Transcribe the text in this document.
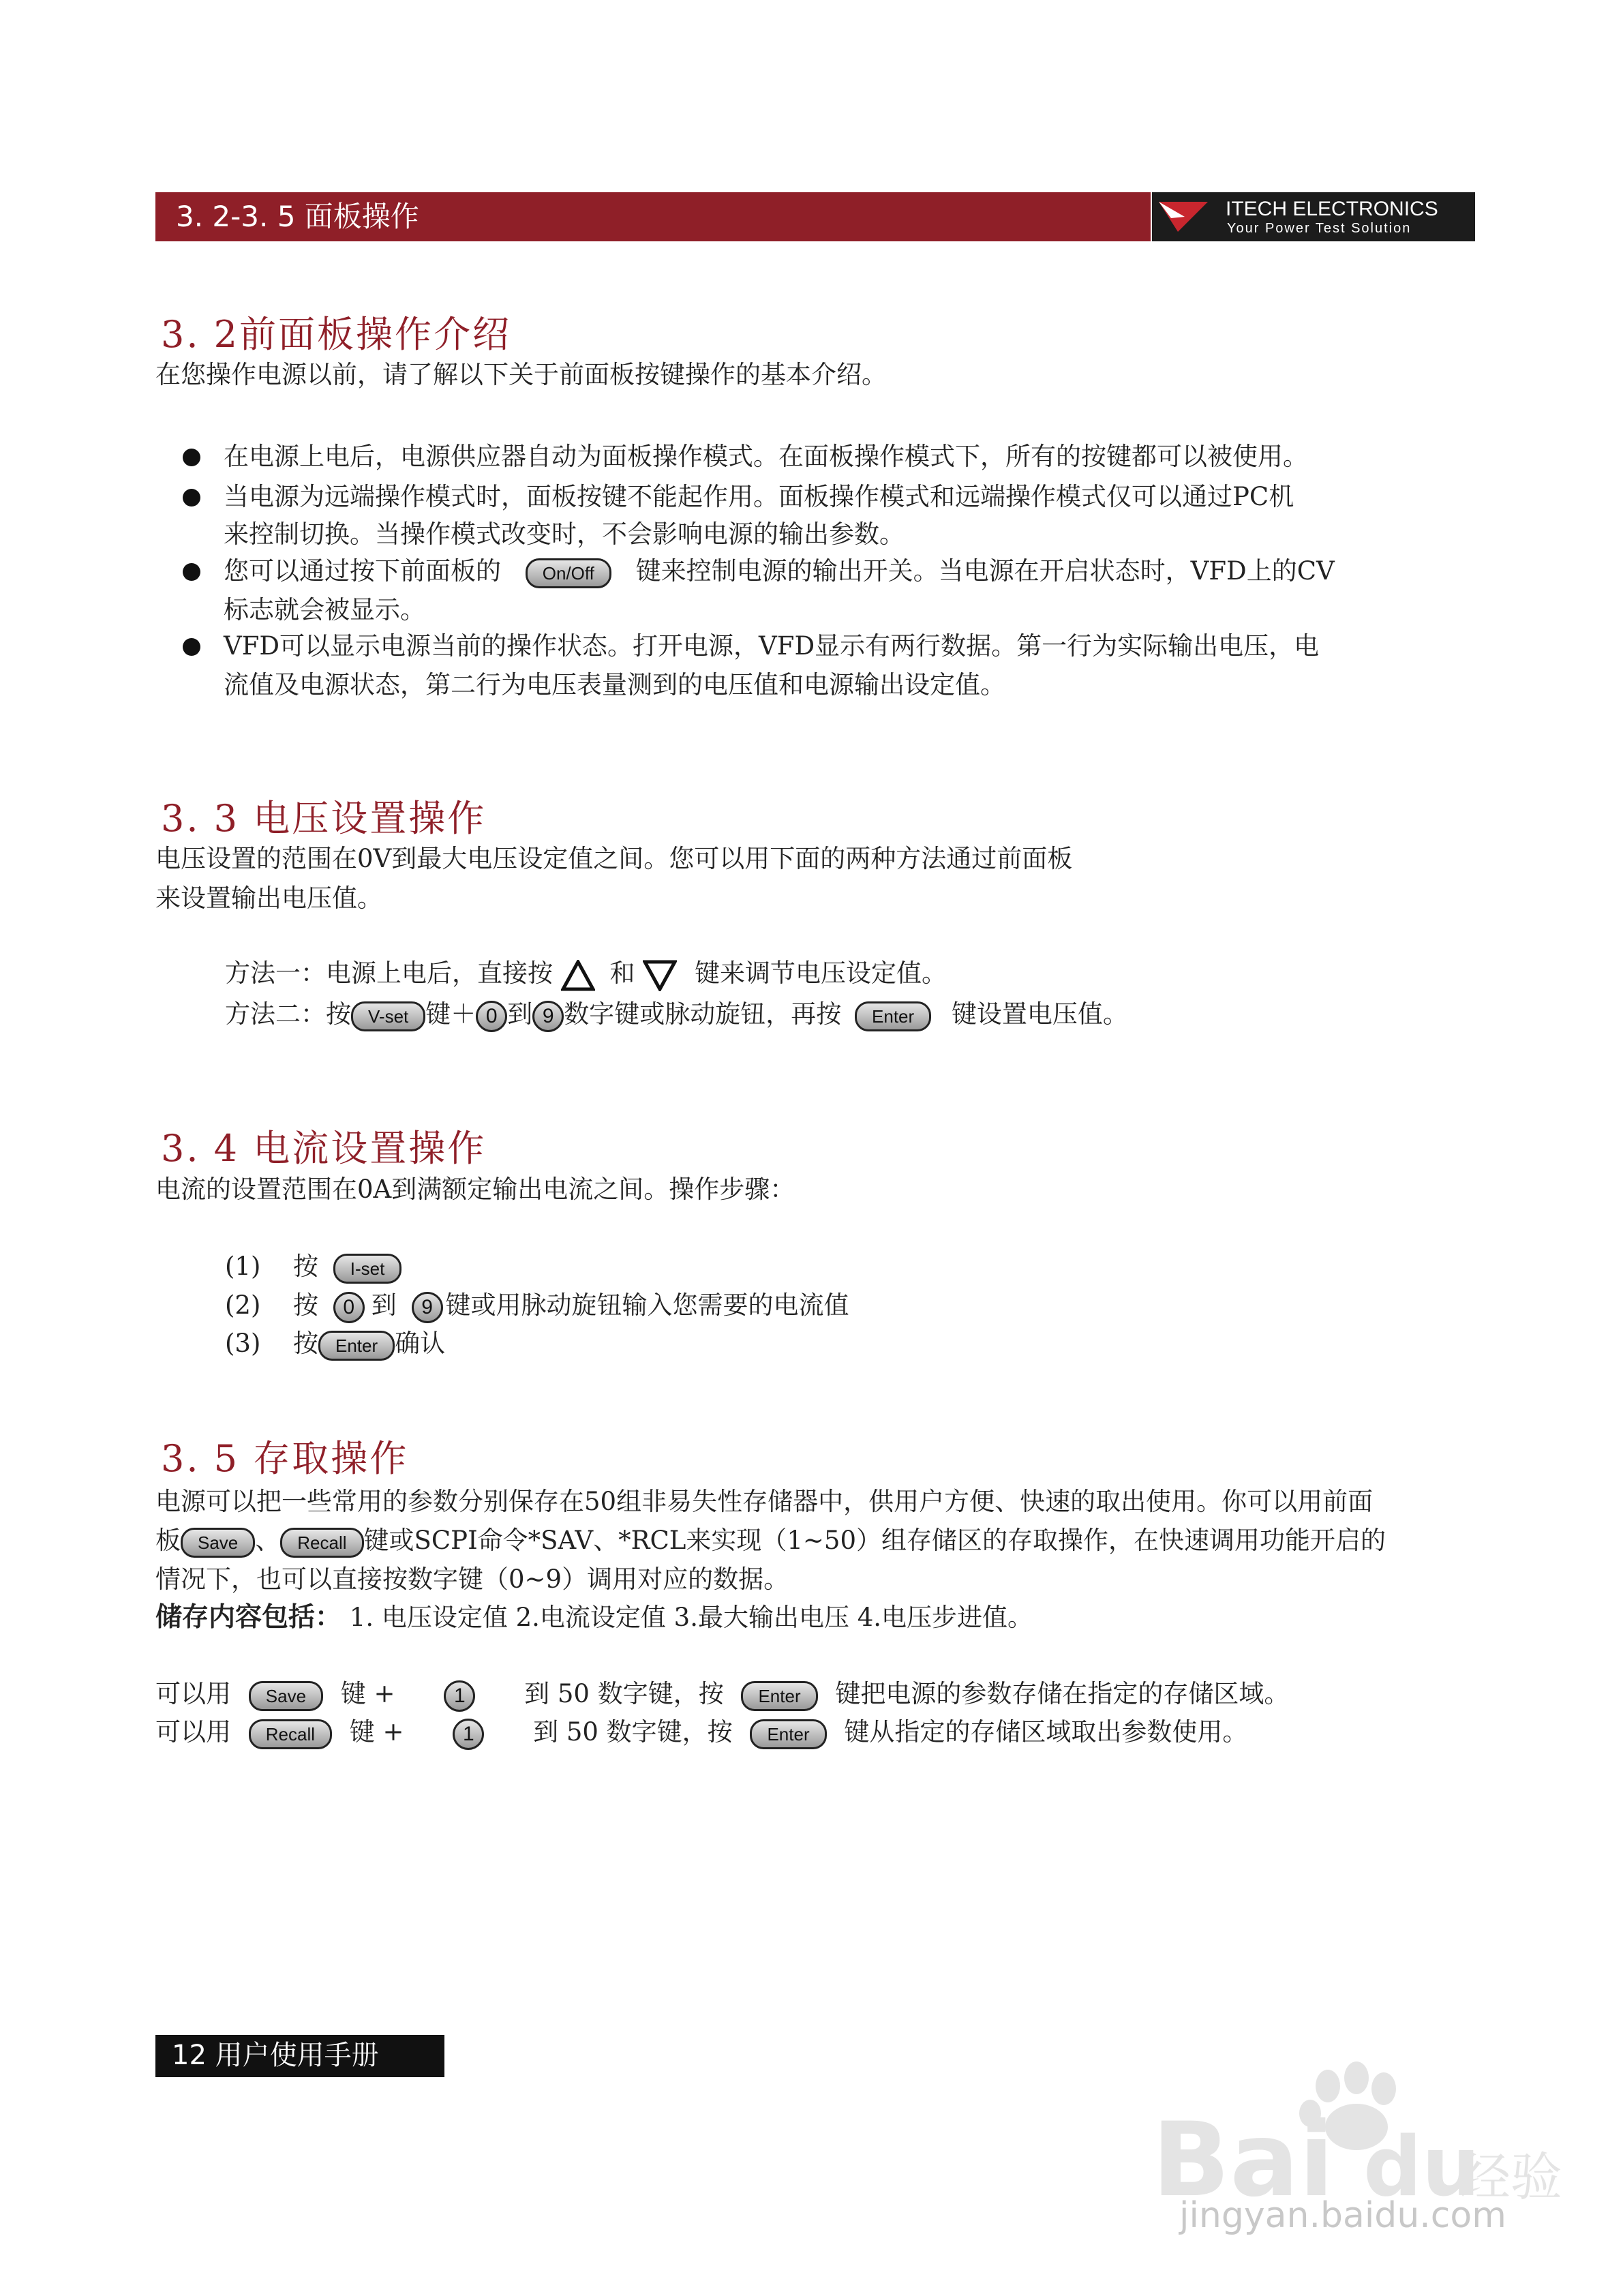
3. 2-3. 5 面板操作	ITECH ELECTRONICS
Your Power Test Solution
3. 2前面板操作介绍
在您操作电源以前，请了解以下关于前面板按键操作的基本介绍。
在电源上电后，电源供应器自动为面板操作模式。在面板操作模式下，所有的按键都可以被使用。
当电源为远端操作模式时，面板按键不能起作用。面板操作模式和远端操作模式仅可以通过PC机
来控制切换。当操作模式改变时，不会影响电源的输出参数。
您可以通过按下前面板的 On/Off 键来控制电源的输出开关。当电源在开启状态时，VFD上的CV
标志就会被显示。
VFD可以显示电源当前的操作状态。打开电源，VFD显示有两行数据。第一行为实际输出电压，电
流值及电源状态，第二行为电压表量测到的电压值和电源输出设定值。
3. 3 电压设置操作
电压设置的范围在0V到最大电压设定值之间。您可以用下面的两种方法通过前面板
来设置输出电压值。
方法一：电源上电后，直接按 和 键来调节电压设定值。
方法二：按 V-set 键＋ 0 到 9 数字键或脉动旋钮，再按 Enter 键设置电压值。
3. 4 电流设置操作
电流的设置范围在0A到满额定输出电流之间。操作步骤：
(1) 按 I-set
(2) 按 0 到 9 键或用脉动旋钮输入您需要的电流值
(3) 按 Enter 确认
3. 5 存取操作
电源可以把一些常用的参数分别保存在50组非易失性存储器中，供用户方便、快速的取出使用。你可以用前面
板 Save 、 Recall 键或SCPI命令*SAV、*RCL来实现（1~50）组存储区的存取操作，在快速调用功能开启的
情况下，也可以直接按数字键（0~9）调用对应的数据。
储存内容包括： 1. 电压设定值 2.电流设定值 3.最大输出电压 4.电压步进值。
可以用 Save 键 +	1 到 50 数字键，按 Enter 键把电源的参数存储在指定的存储区域。
可以用 Recall 键 +	1 到 50 数字键，按 Enter 键从指定的存储区域取出参数使用。
12 用户使用手册
Bai du
经验
jingyan.baidu.com
